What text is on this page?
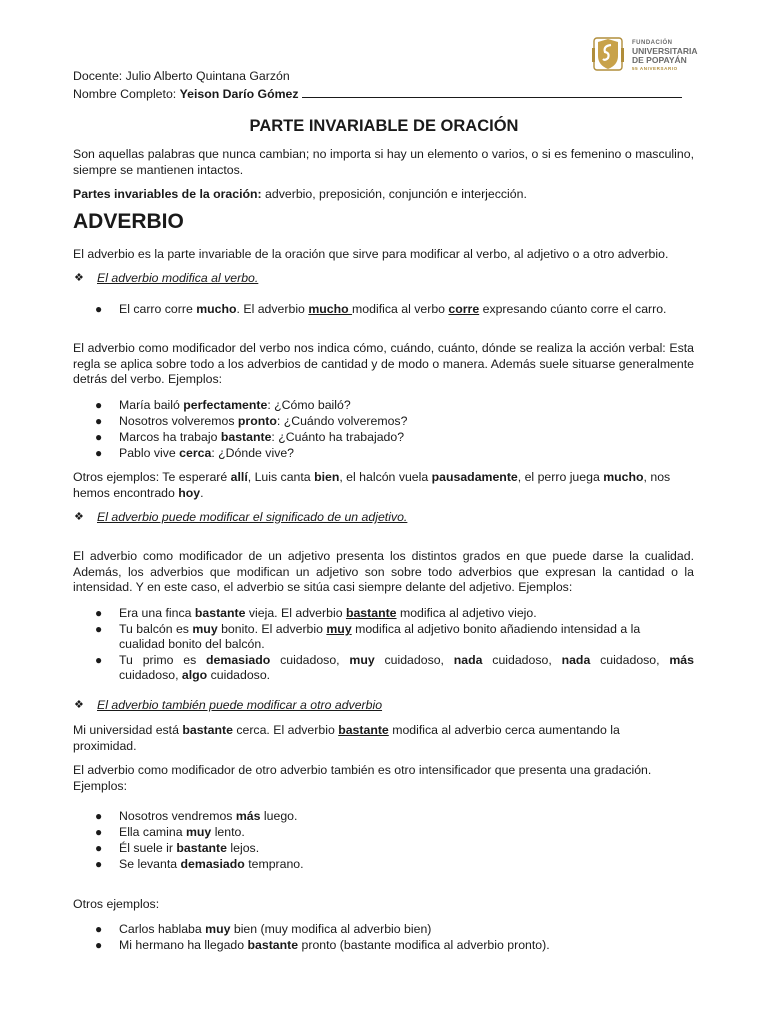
FUNDACIÓN
UNIVERSITARIA
DE POPAYÁN
55 ANIVERSARIO
Docente: Julio Alberto Quintana Garzón
Nombre Completo: Yeison Darío Gómez
PARTE INVARIABLE DE ORACIÓN
Son aquellas palabras que nunca cambian; no importa si hay un elemento o varios, o si es femenino o masculino, siempre se mantienen intactos.
Partes invariables de la oración: adverbio, preposición, conjunción e interjección.
ADVERBIO
El adverbio es la parte invariable de la oración que sirve para modificar al verbo, al adjetivo o a otro adverbio.
❖ El adverbio modifica al verbo.
● El carro corre mucho. El adverbio mucho modifica al verbo corre expresando cúanto corre el carro.
El adverbio como modificador del verbo nos indica cómo, cuándo, cuánto, dónde se realiza la acción verbal: Esta regla se aplica sobre todo a los adverbios de cantidad y de modo o manera. Además suele situarse generalmente detrás del verbo. Ejemplos:
● María bailó perfectamente: ¿Cómo bailó?
● Nosotros volveremos pronto: ¿Cuándo volveremos?
● Marcos ha trabajo bastante: ¿Cuánto ha trabajado?
● Pablo vive cerca: ¿Dónde vive?
Otros ejemplos: Te esperaré allí, Luis canta bien, el halcón vuela pausadamente, el perro juega mucho, nos
hemos encontrado hoy.
❖ El adverbio puede modificar el significado de un adjetivo.
El adverbio como modificador de un adjetivo presenta los distintos grados en que puede darse la cualidad. Además, los adverbios que modifican un adjetivo son sobre todo adverbios que expresan la cantidad o la intensidad. Y en este caso, el adverbio se sitúa casi siempre delante del adjetivo. Ejemplos:
● Era una finca bastante vieja. El adverbio bastante modifica al adjetivo viejo.
● Tu balcón es muy bonito. El adverbio muy modifica al adjetivo bonito añadiendo intensidad a la
cualidad bonito del balcón.
● Tu primo es demasiado cuidadoso, muy cuidadoso, nada cuidadoso, nada cuidadoso, más
cuidadoso, algo cuidadoso.
❖ El adverbio también puede modificar a otro adverbio
Mi universidad está bastante cerca. El adverbio bastante modifica al adverbio cerca aumentando la
proximidad.
El adverbio como modificador de otro adverbio también es otro intensificador que presenta una gradación.
Ejemplos:
● Nosotros vendremos más luego.
● Ella camina muy lento.
● Él suele ir bastante lejos.
● Se levanta demasiado temprano.
Otros ejemplos:
● Carlos hablaba muy bien (muy modifica al adverbio bien)
● Mi hermano ha llegado bastante pronto (bastante modifica al adverbio pronto).
